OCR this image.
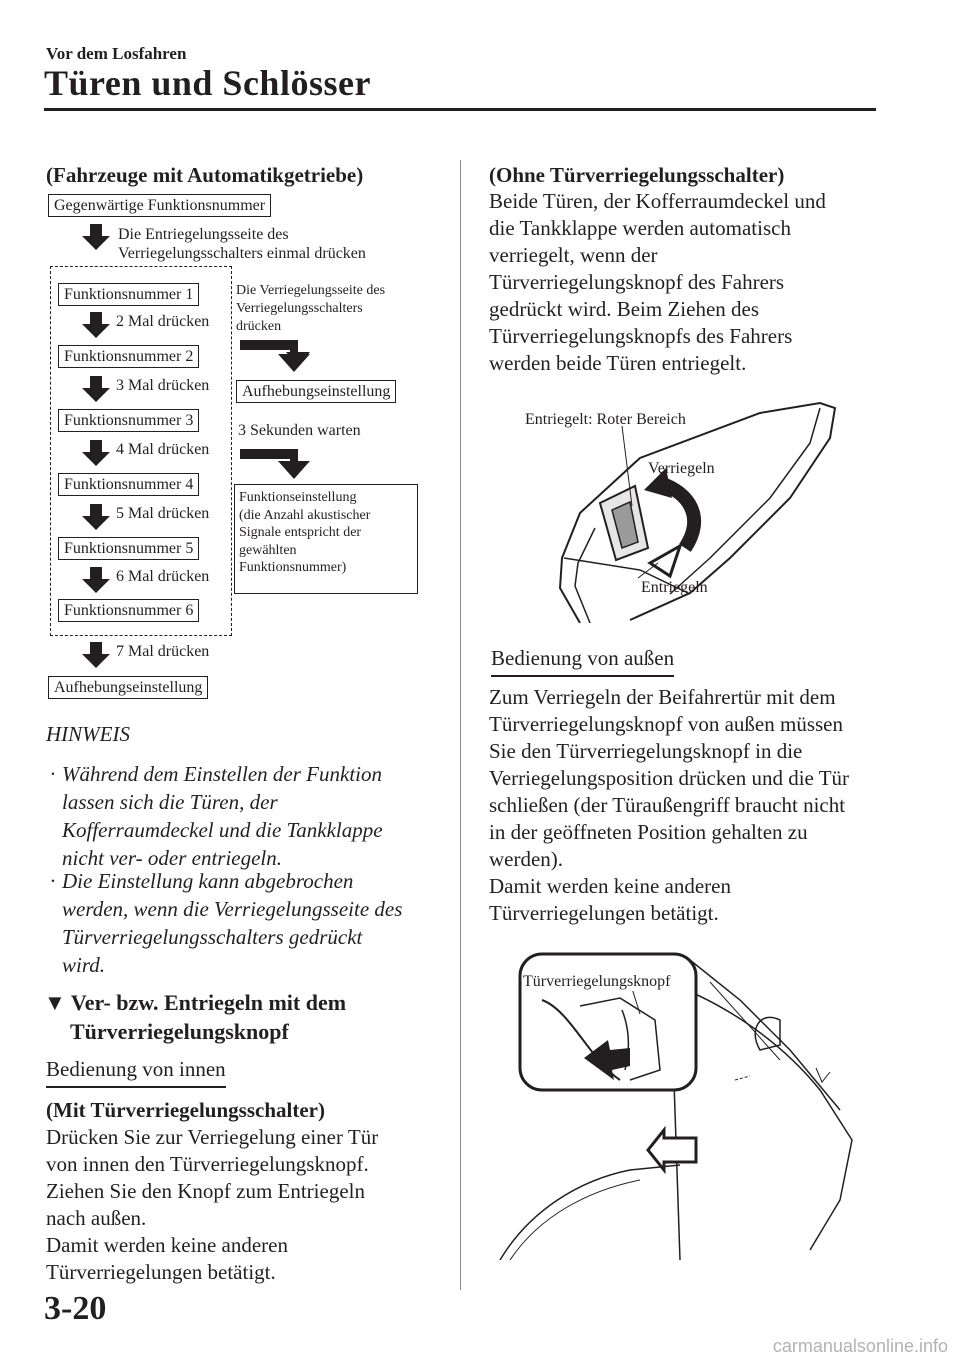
Vor dem Losfahren
Türen und Schlösser
(Fahrzeuge mit Automatikgetriebe)
Gegenwärtige Funktionsnummer
Die Entriegelungsseite des
Verriegelungsschalters einmal drücken
Funktionsnummer 1
2 Mal drücken
Funktionsnummer 2
3 Mal drücken
Funktionsnummer 3
4 Mal drücken
Funktionsnummer 4
5 Mal drücken
Funktionsnummer 5
6 Mal drücken
Funktionsnummer 6
7 Mal drücken
Aufhebungseinstellung
Die Verriegelungsseite des
Verriegelungsschalters
drücken
Aufhebungseinstellung
3 Sekunden warten
Funktionseinstellung
(die Anzahl akustischer
Signale entspricht der
gewählten
Funktionsnummer)
HINWEIS
· Während dem Einstellen der Funktion
lassen sich die Türen, der
Kofferraumdeckel und die Tankklappe
nicht ver- oder entriegeln.
· Die Einstellung kann abgebrochen
werden, wenn die Verriegelungsseite des
Türverriegelungsschalters gedrückt
wird.
▼ Ver- bzw. Entriegeln mit dem
Türverriegelungsknopf
Bedienung von innen
(Mit Türverriegelungsschalter)
Drücken Sie zur Verriegelung einer Tür
von innen den Türverriegelungsknopf.
Ziehen Sie den Knopf zum Entriegeln
nach außen.
Damit werden keine anderen
Türverriegelungen betätigt.
(Ohne Türverriegelungsschalter)
Beide Türen, der Kofferraumdeckel und
die Tankklappe werden automatisch
verriegelt, wenn der
Türverriegelungsknopf des Fahrers
gedrückt wird. Beim Ziehen des
Türverriegelungsknopfs des Fahrers
werden beide Türen entriegelt.
Entriegelt: Roter Bereich
Verriegeln
Entriegeln
Bedienung von außen
Zum Verriegeln der Beifahrertür mit dem
Türverriegelungsknopf von außen müssen
Sie den Türverriegelungsknopf in die
Verriegelungsposition drücken und die Tür
schließen (der Türaußengriff braucht nicht
in der geöffneten Position gehalten zu
werden).
Damit werden keine anderen
Türverriegelungen betätigt.
Türverriegelungsknopf
3-20
carmanualsonline.info
